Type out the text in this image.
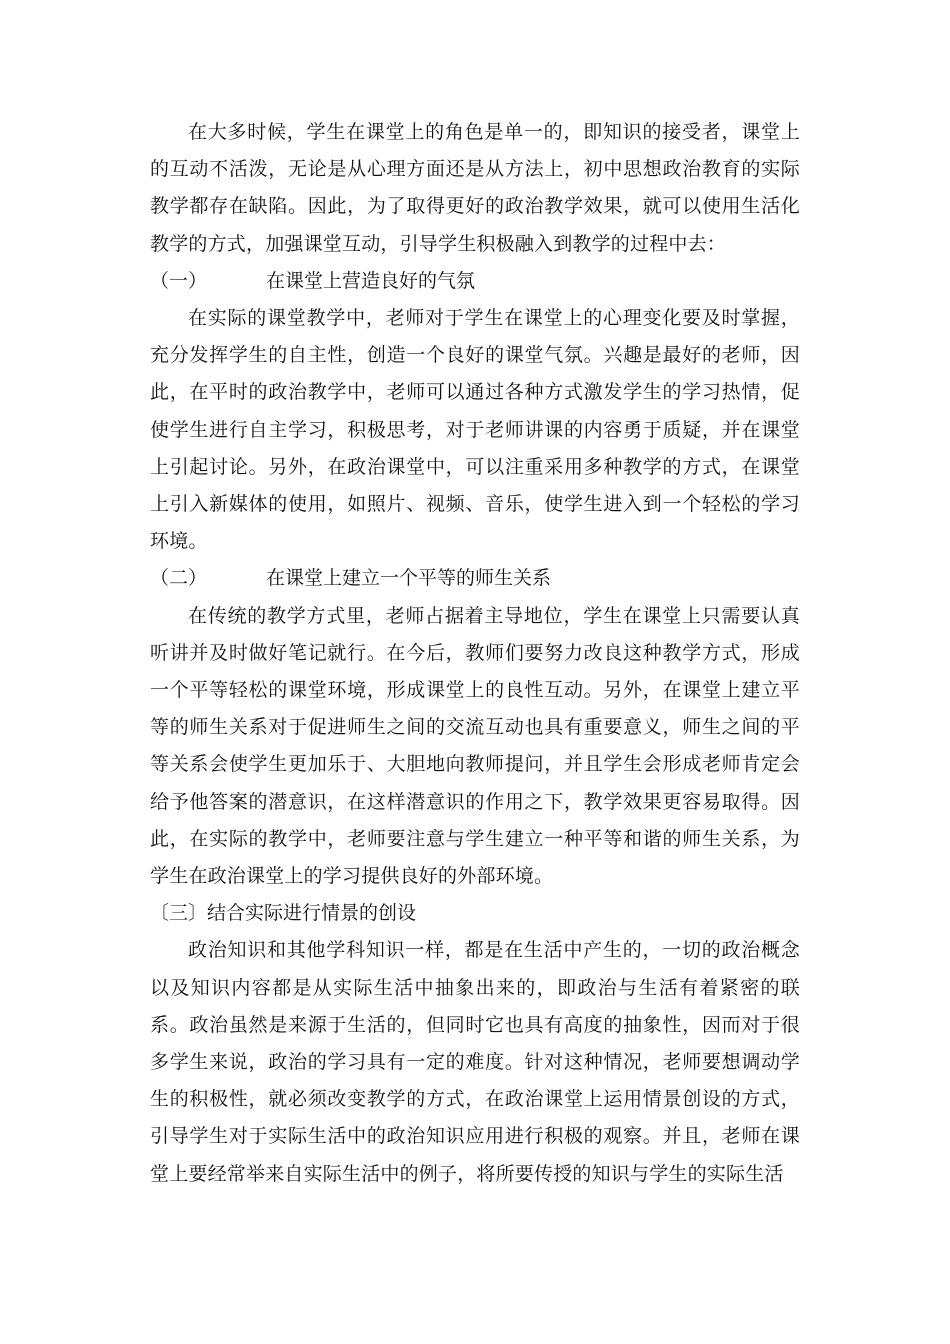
在大多时候，学生在课堂上的角色是单一的，即知识的接受者，课堂上的互动不活泼，无论是从心理方面还是从方法上，初中思想政治教育的实际教学都存在缺陷。因此，为了取得更好的政治教学效果，就可以使用生活化教学的方式，加强课堂互动，引导学生积极融入到教学的过程中去：

（一）	在课堂上营造良好的气氛

在实际的课堂教学中，老师对于学生在课堂上的心理变化要及时掌握，充分发挥学生的自主性，创造一个良好的课堂气氛。兴趣是最好的老师，因此，在平时的政治教学中，老师可以通过各种方式激发学生的学习热情，促使学生进行自主学习，积极思考，对于老师讲课的内容勇于质疑，并在课堂上引起讨论。另外，在政治课堂中，可以注重采用多种教学的方式，在课堂上引入新媒体的使用，如照片、视频、音乐，使学生进入到一个轻松的学习环境。

（二）	在课堂上建立一个平等的师生关系

在传统的教学方式里，老师占据着主导地位，学生在课堂上只需要认真听讲并及时做好笔记就行。在今后，教师们要努力改良这种教学方式，形成一个平等轻松的课堂环境，形成课堂上的良性互动。另外，在课堂上建立平等的师生关系对于促进师生之间的交流互动也具有重要意义，师生之间的平等关系会使学生更加乐于、大胆地向教师提问，并且学生会形成老师肯定会给予他答案的潜意识，在这样潜意识的作用之下，教学效果更容易取得。因此，在实际的教学中，老师要注意与学生建立一种平等和谐的师生关系，为学生在政治课堂上的学习提供良好的外部环境。

〔三〕结合实际进行情景的创设

政治知识和其他学科知识一样，都是在生活中产生的，一切的政治概念以及知识内容都是从实际生活中抽象出来的，即政治与生活有着紧密的联系。政治虽然是来源于生活的，但同时它也具有高度的抽象性，因而对于很多学生来说，政治的学习具有一定的难度。针对这种情况，老师要想调动学生的积极性，就必须改变教学的方式，在政治课堂上运用情景创设的方式，引导学生对于实际生活中的政治知识应用进行积极的观察。并且，老师在课堂上要经常举来自实际生活中的例子，将所要传授的知识与学生的实际生活
